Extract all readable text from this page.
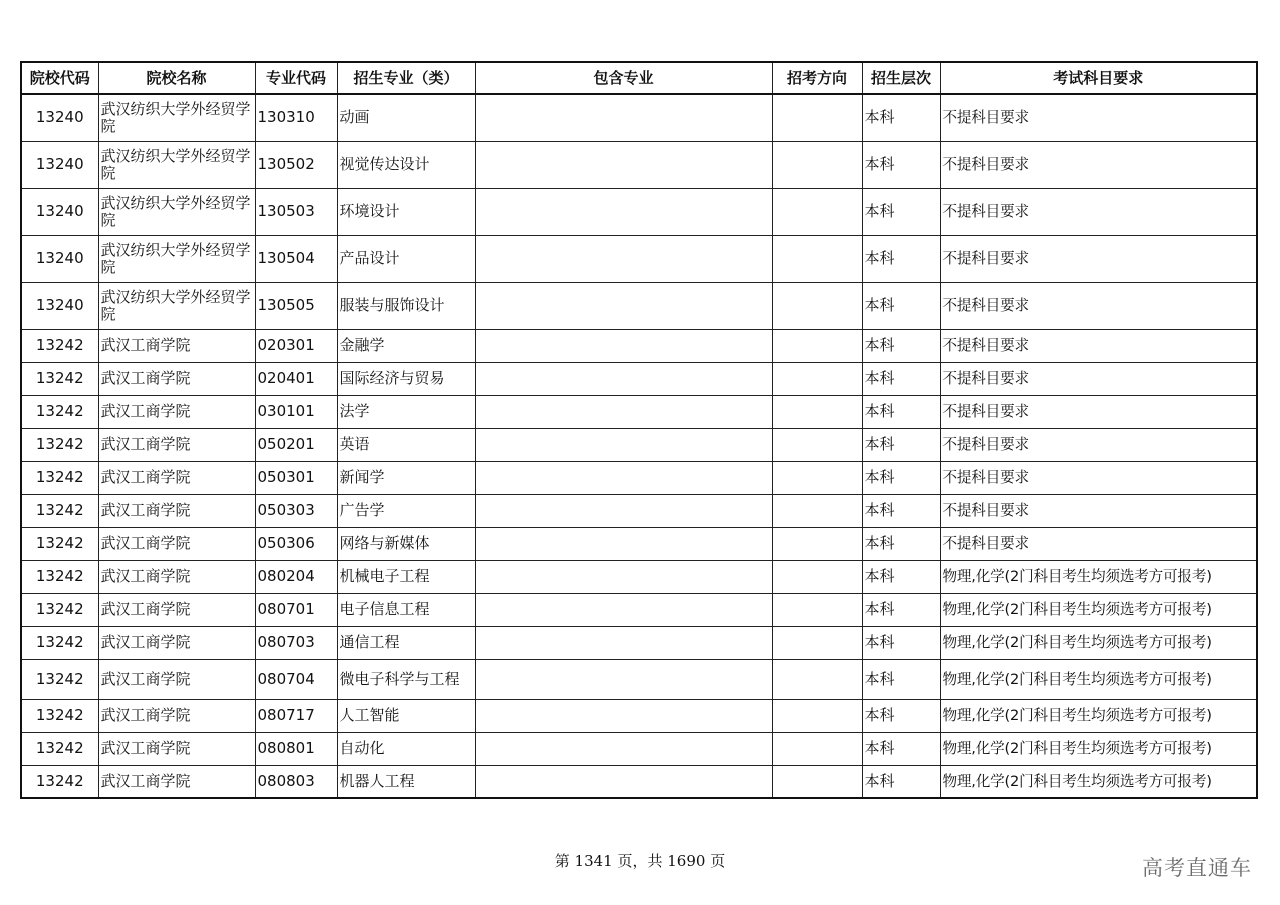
院校代码	院校名称	专业代码	招生专业（类）	包含专业	招考方向	招生层次	考试科目要求
13240	武汉纺织大学外经贸学院	130310	动画			本科	不提科目要求
13240	武汉纺织大学外经贸学院	130502	视觉传达设计			本科	不提科目要求
13240	武汉纺织大学外经贸学院	130503	环境设计			本科	不提科目要求
13240	武汉纺织大学外经贸学院	130504	产品设计			本科	不提科目要求
13240	武汉纺织大学外经贸学院	130505	服装与服饰设计			本科	不提科目要求
13242	武汉工商学院	020301	金融学			本科	不提科目要求
13242	武汉工商学院	020401	国际经济与贸易			本科	不提科目要求
13242	武汉工商学院	030101	法学			本科	不提科目要求
13242	武汉工商学院	050201	英语			本科	不提科目要求
13242	武汉工商学院	050301	新闻学			本科	不提科目要求
13242	武汉工商学院	050303	广告学			本科	不提科目要求
13242	武汉工商学院	050306	网络与新媒体			本科	不提科目要求
13242	武汉工商学院	080204	机械电子工程			本科	物理,化学(2门科目考生均须选考方可报考)
13242	武汉工商学院	080701	电子信息工程			本科	物理,化学(2门科目考生均须选考方可报考)
13242	武汉工商学院	080703	通信工程			本科	物理,化学(2门科目考生均须选考方可报考)
13242	武汉工商学院	080704	微电子科学与工程			本科	物理,化学(2门科目考生均须选考方可报考)
13242	武汉工商学院	080717	人工智能			本科	物理,化学(2门科目考生均须选考方可报考)
13242	武汉工商学院	080801	自动化			本科	物理,化学(2门科目考生均须选考方可报考)
13242	武汉工商学院	080803	机器人工程			本科	物理,化学(2门科目考生均须选考方可报考)
第 1341 页，共 1690 页	高考直通车
